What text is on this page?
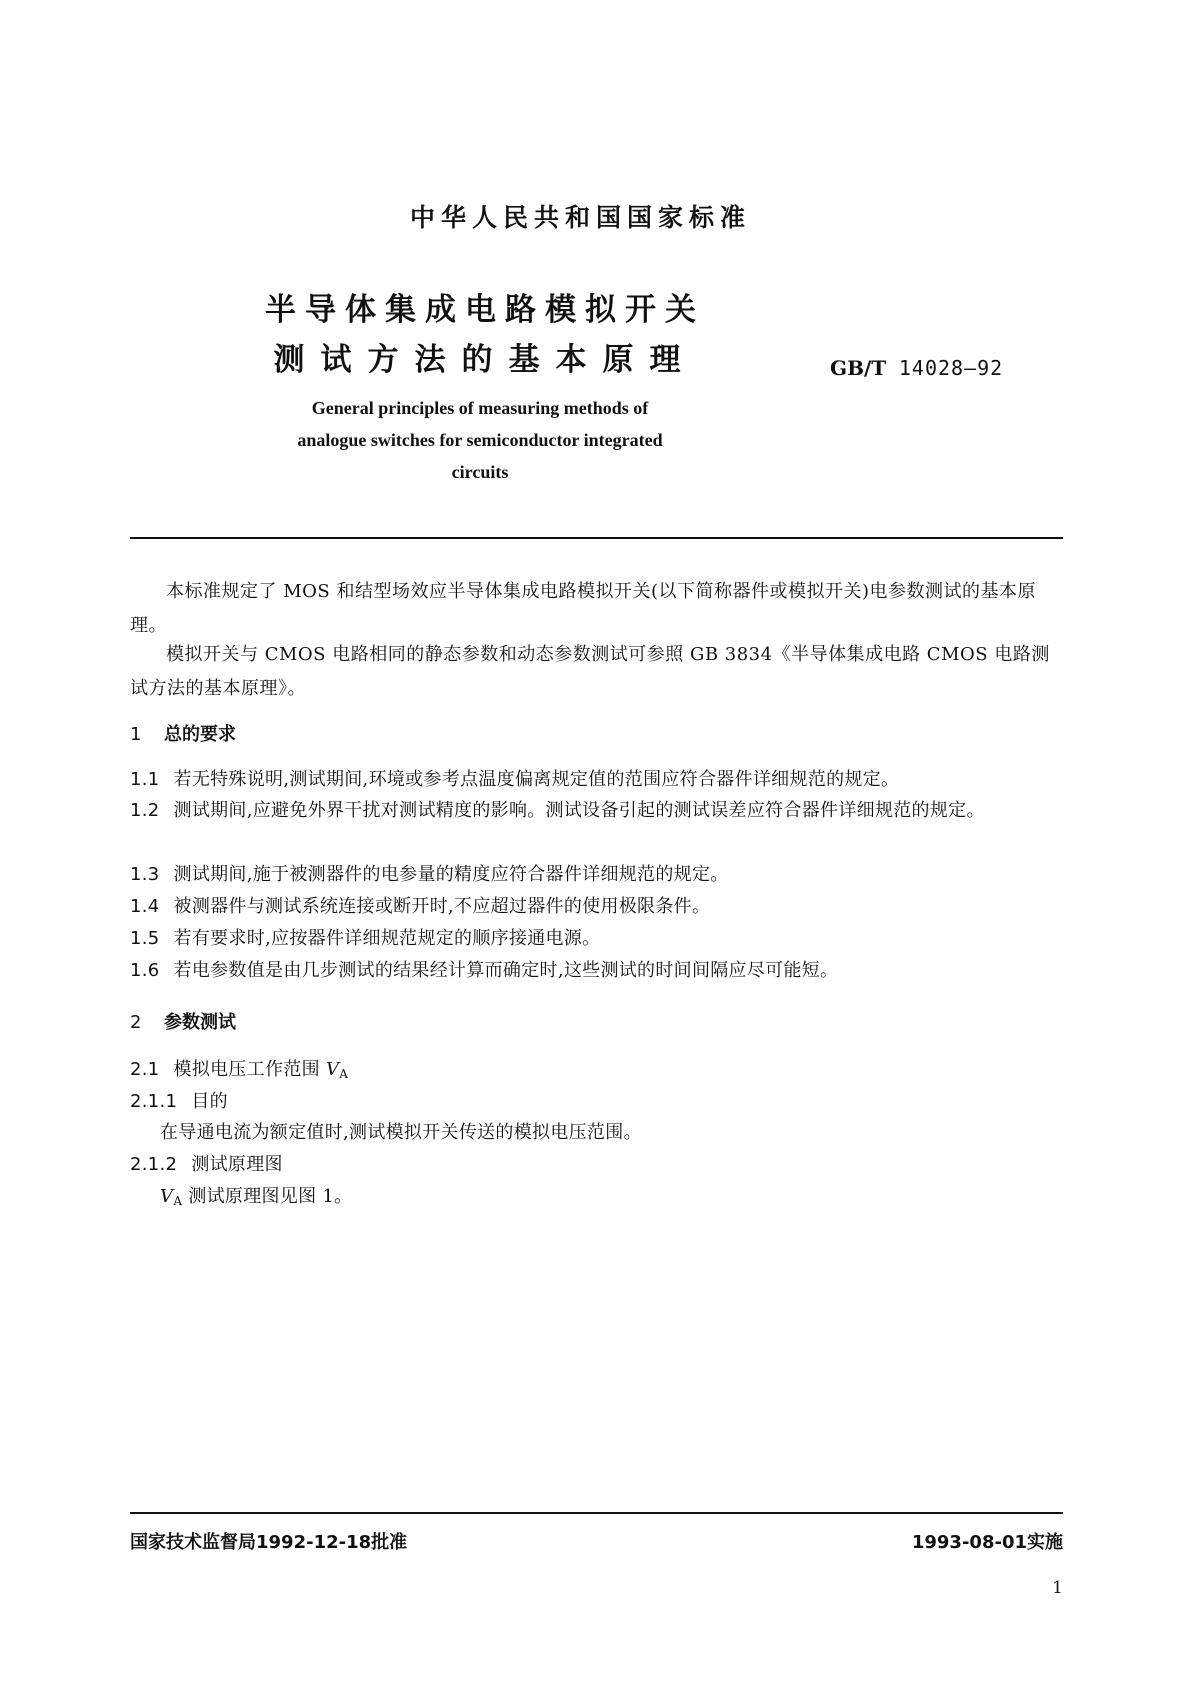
中华人民共和国国家标准
半导体集成电路模拟开关
测试方法的基本原理	GB/T 14028—92
General principles of measuring methods of
analogue switches for semiconductor integrated
circuits
本标准规定了 MOS 和结型场效应半导体集成电路模拟开关(以下简称器件或模拟开关)电参数测试的基本原理。
模拟开关与 CMOS 电路相同的静态参数和动态参数测试可参照 GB 3834《半导体集成电路 CMOS 电路测试方法的基本原理》。
1 总的要求
1.1 若无特殊说明,测试期间,环境或参考点温度偏离规定值的范围应符合器件详细规范的规定。
1.2 测试期间,应避免外界干扰对测试精度的影响。测试设备引起的测试误差应符合器件详细规范的规定。
1.3 测试期间,施于被测器件的电参量的精度应符合器件详细规范的规定。
1.4 被测器件与测试系统连接或断开时,不应超过器件的使用极限条件。
1.5 若有要求时,应按器件详细规范规定的顺序接通电源。
1.6 若电参数值是由几步测试的结果经计算而确定时,这些测试的时间间隔应尽可能短。
2 参数测试
2.1 模拟电压工作范围 $V_A$
2.1.1 目的
在导通电流为额定值时,测试模拟开关传送的模拟电压范围。
2.1.2 测试原理图
$V_A$ 测试原理图见图 1。
国家技术监督局1992-12-18批准	1993-08-01实施
1
